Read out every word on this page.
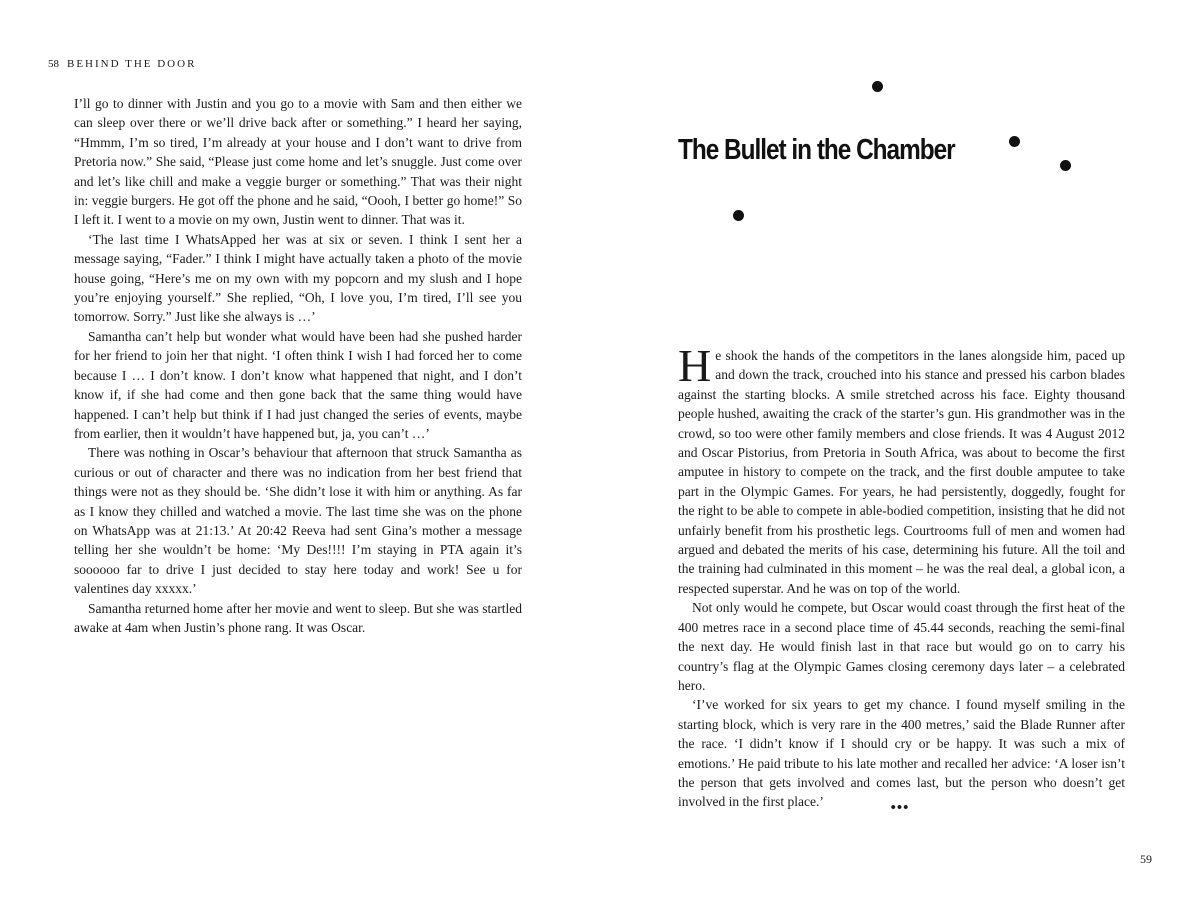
58 BEHIND THE DOOR

I’ll go to dinner with Justin and you go to a movie with Sam and then either we can sleep over there or we’ll drive back after or something.” I heard her saying, “Hmmm, I’m so tired, I’m already at your house and I don’t want to drive from Pretoria now.” She said, “Please just come home and let’s snuggle. Just come over and let’s like chill and make a veggie burger or something.” That was their night in: veggie burgers. He got off the phone and he said, “Oooh, I better go home!” So I left it. I went to a movie on my own, Justin went to dinner. That was it.

‘The last time I WhatsApped her was at six or seven. I think I sent her a message saying, “Fader.” I think I might have actually taken a photo of the movie house going, “Here’s me on my own with my popcorn and my slush and I hope you’re enjoying yourself.” She replied, “Oh, I love you, I’m tired, I’ll see you tomorrow. Sorry.” Just like she always is …’

Samantha can’t help but wonder what would have been had she pushed harder for her friend to join her that night. ‘I often think I wish I had forced her to come because I … I don’t know. I don’t know what happened that night, and I don’t know if, if she had come and then gone back that the same thing would have happened. I can’t help but think if I had just changed the series of events, maybe from earlier, then it wouldn’t have happened but, ja, you can’t …’

There was nothing in Oscar’s behaviour that afternoon that struck Samantha as curious or out of character and there was no indication from her best friend that things were not as they should be. ‘She didn’t lose it with him or anything. As far as I know they chilled and watched a movie. The last time she was on the phone on WhatsApp was at 21:13.’ At 20:42 Reeva had sent Gina’s mother a message telling her she wouldn’t be home: ‘My Des!!!! I’m staying in PTA again it’s soooooo far to drive I just decided to stay here today and work! See u for valentines day xxxxx.’

Samantha returned home after her movie and went to sleep. But she was startled awake at 4am when Justin’s phone rang. It was Oscar.

The Bullet in the Chamber

He shook the hands of the competitors in the lanes alongside him, paced up and down the track, crouched into his stance and pressed his carbon blades against the starting blocks. A smile stretched across his face. Eighty thousand people hushed, awaiting the crack of the starter’s gun. His grandmother was in the crowd, so too were other family members and close friends. It was 4 August 2012 and Oscar Pistorius, from Pretoria in South Africa, was about to become the first amputee in history to compete on the track, and the first double amputee to take part in the Olympic Games. For years, he had persistently, doggedly, fought for the right to be able to compete in able-bodied competition, insisting that he did not unfairly benefit from his prosthetic legs. Courtrooms full of men and women had argued and debated the merits of his case, determining his future. All the toil and the training had culminated in this moment – he was the real deal, a global icon, a respected superstar. And he was on top of the world.

Not only would he compete, but Oscar would coast through the first heat of the 400 metres race in a second place time of 45.44 seconds, reaching the semi-final the next day. He would finish last in that race but would go on to carry his country’s flag at the Olympic Games closing ceremony days later – a celebrated hero.

‘I’ve worked for six years to get my chance. I found myself smiling in the starting block, which is very rare in the 400 metres,’ said the Blade Runner after the race. ‘I didn’t know if I should cry or be happy. It was such a mix of emotions.’ He paid tribute to his late mother and recalled her advice: ‘A loser isn’t the person that gets involved and comes last, but the person who doesn’t get involved in the first place.’	•••
59
